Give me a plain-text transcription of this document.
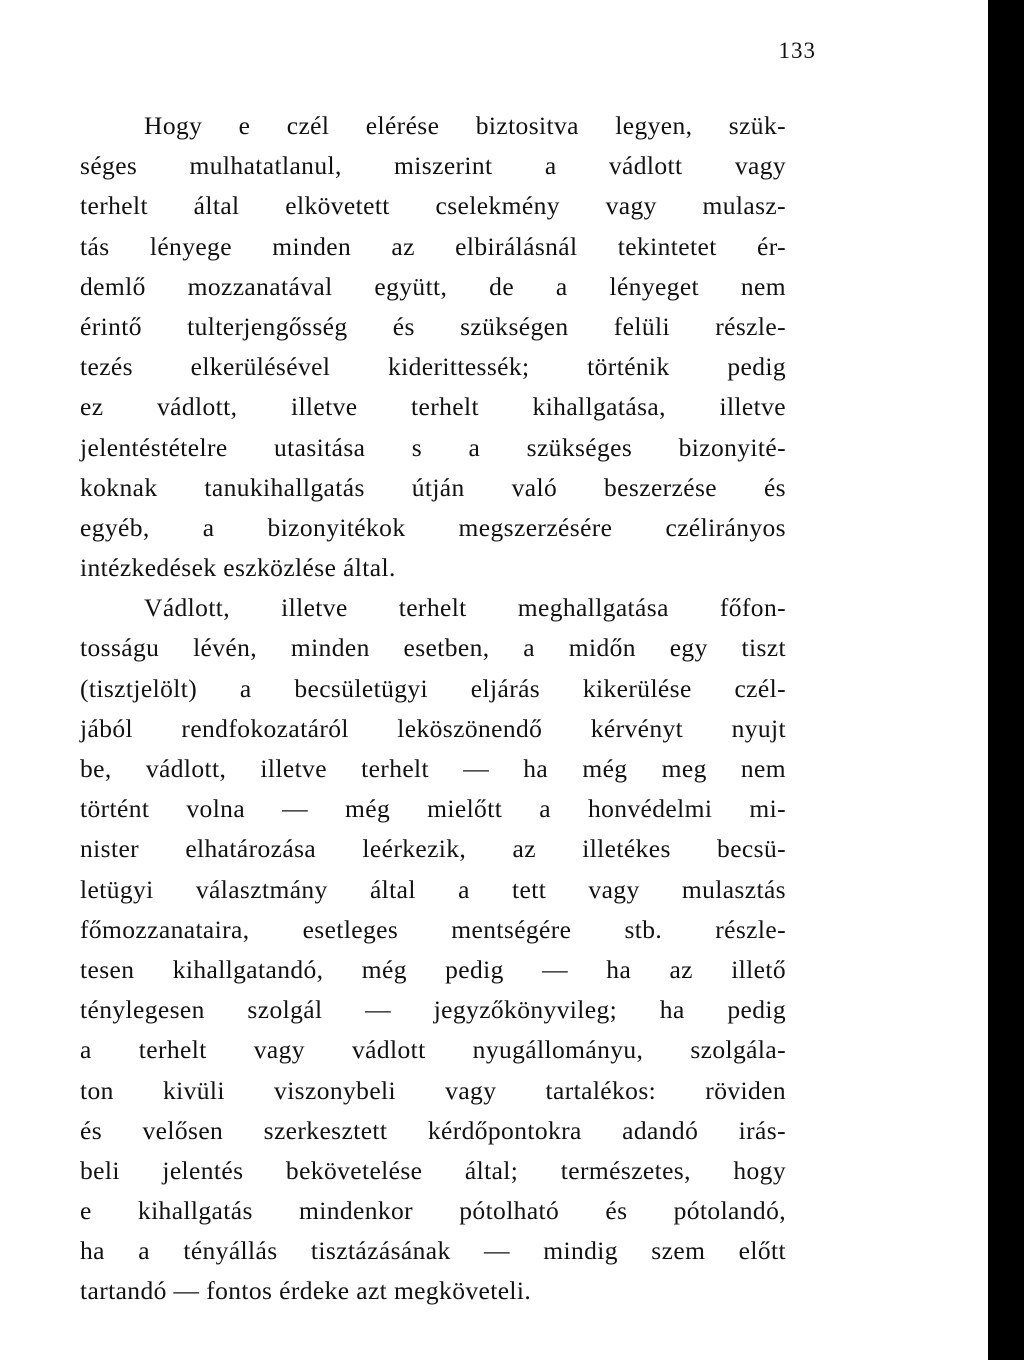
133
Hogy e czél elérése biztositva legyen, szük-
séges mulhatatlanul, miszerint a vádlott vagy
terhelt által elkövetett cselekmény vagy mulasz-
tás lényege minden az elbirálásnál tekintetet ér-
demlő mozzanatával együtt, de a lényeget nem
érintő tulterjengősség és szükségen felüli részle-
tezés elkerülésével kiderittessék; történik pedig
ez vádlott, illetve terhelt kihallgatása, illetve
jelentéstételre utasitása s a szükséges bizonyité-
koknak tanukihallgatás útján való beszerzése és
egyéb, a bizonyitékok megszerzésére czélirányos
intézkedések eszközlése által.
Vádlott, illetve terhelt meghallgatása főfon-
tosságu lévén, minden esetben, a midőn egy tiszt
(tisztjelölt) a becsületügyi eljárás kikerülése czél-
jából rendfokozatáról leköszönendő kérvényt nyujt
be, vádlott, illetve terhelt — ha még meg nem
történt volna — még mielőtt a honvédelmi mi-
nister elhatározása leérkezik, az illetékes becsü-
letügyi választmány által a tett vagy mulasztás
főmozzanataira, esetleges mentségére stb. részle-
tesen kihallgatandó, még pedig — ha az illető
ténylegesen szolgál — jegyzőkönyvileg; ha pedig
a terhelt vagy vádlott nyugállományu, szolgála-
ton kivüli viszonybeli vagy tartalékos: röviden
és velősen szerkesztett kérdőpontokra adandó irás-
beli jelentés bekövetelése által; természetes, hogy
e kihallgatás mindenkor pótolható és pótolandó,
ha a tényállás tisztázásának — mindig szem előtt
tartandó — fontos érdeke azt megköveteli.
